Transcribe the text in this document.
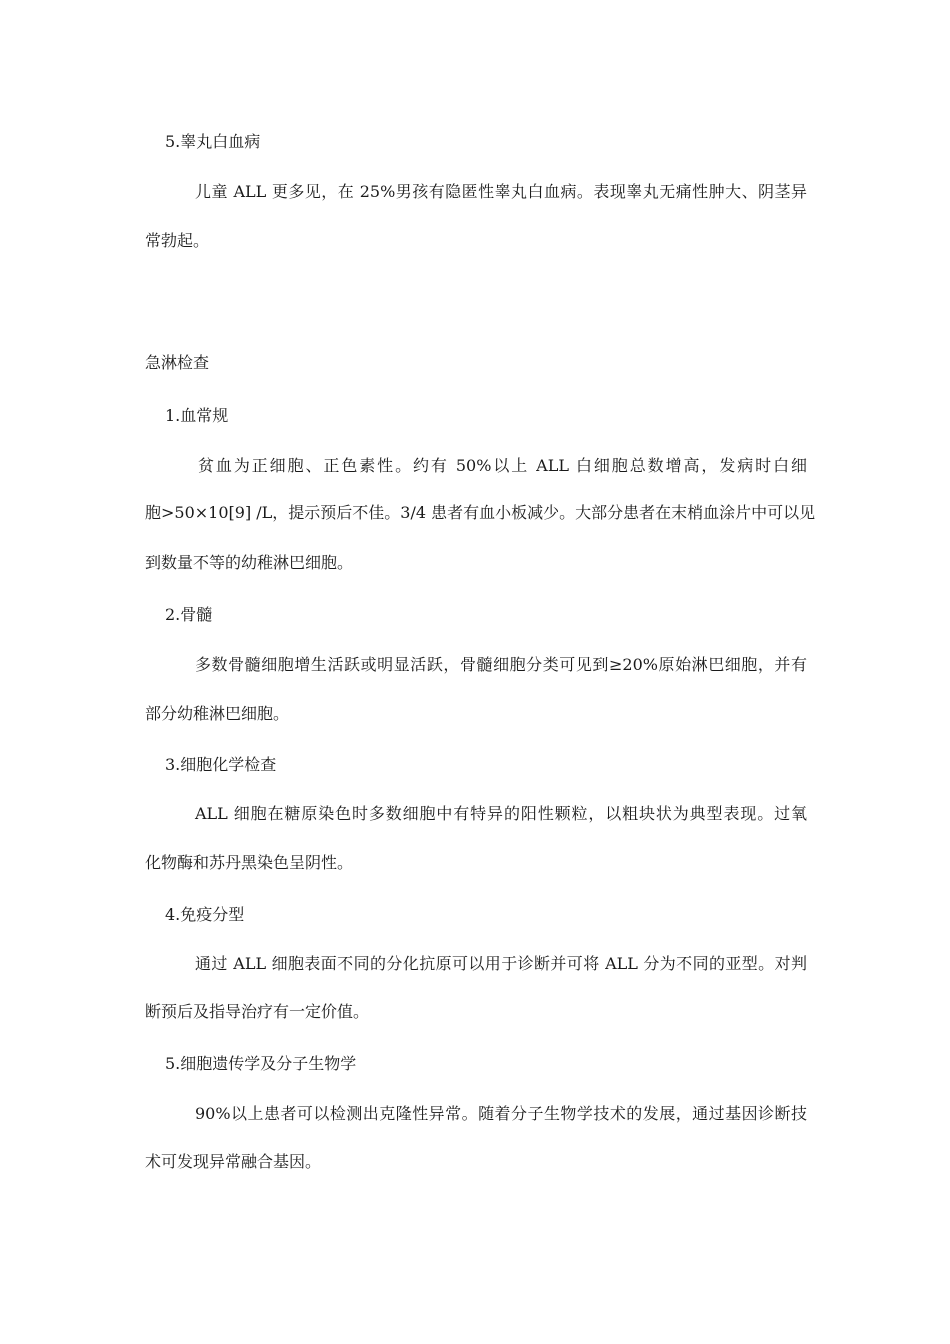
5.睾丸白血病
儿童 ALL 更多见，在 25%男孩有隐匿性睾丸白血病。表现睾丸无痛性肿大、阴茎异
常勃起。
急淋检查
1.血常规
贫血为正细胞、正色素性。约有 50%以上 ALL 白细胞总数增高，发病时白细
胞>50×10[9] /L，提示预后不佳。3/4 患者有血小板减少。大部分患者在末梢血涂片中可以见
到数量不等的幼稚淋巴细胞。
2.骨髓
多数骨髓细胞增生活跃或明显活跃，骨髓细胞分类可见到≥20%原始淋巴细胞，并有
部分幼稚淋巴细胞。
3.细胞化学检查
ALL 细胞在糖原染色时多数细胞中有特异的阳性颗粒，以粗块状为典型表现。过氧
化物酶和苏丹黑染色呈阴性。
4.免疫分型
通过 ALL 细胞表面不同的分化抗原可以用于诊断并可将 ALL 分为不同的亚型。对判
断预后及指导治疗有一定价值。
5.细胞遗传学及分子生物学
90%以上患者可以检测出克隆性异常。随着分子生物学技术的发展，通过基因诊断技
术可发现异常融合基因。
